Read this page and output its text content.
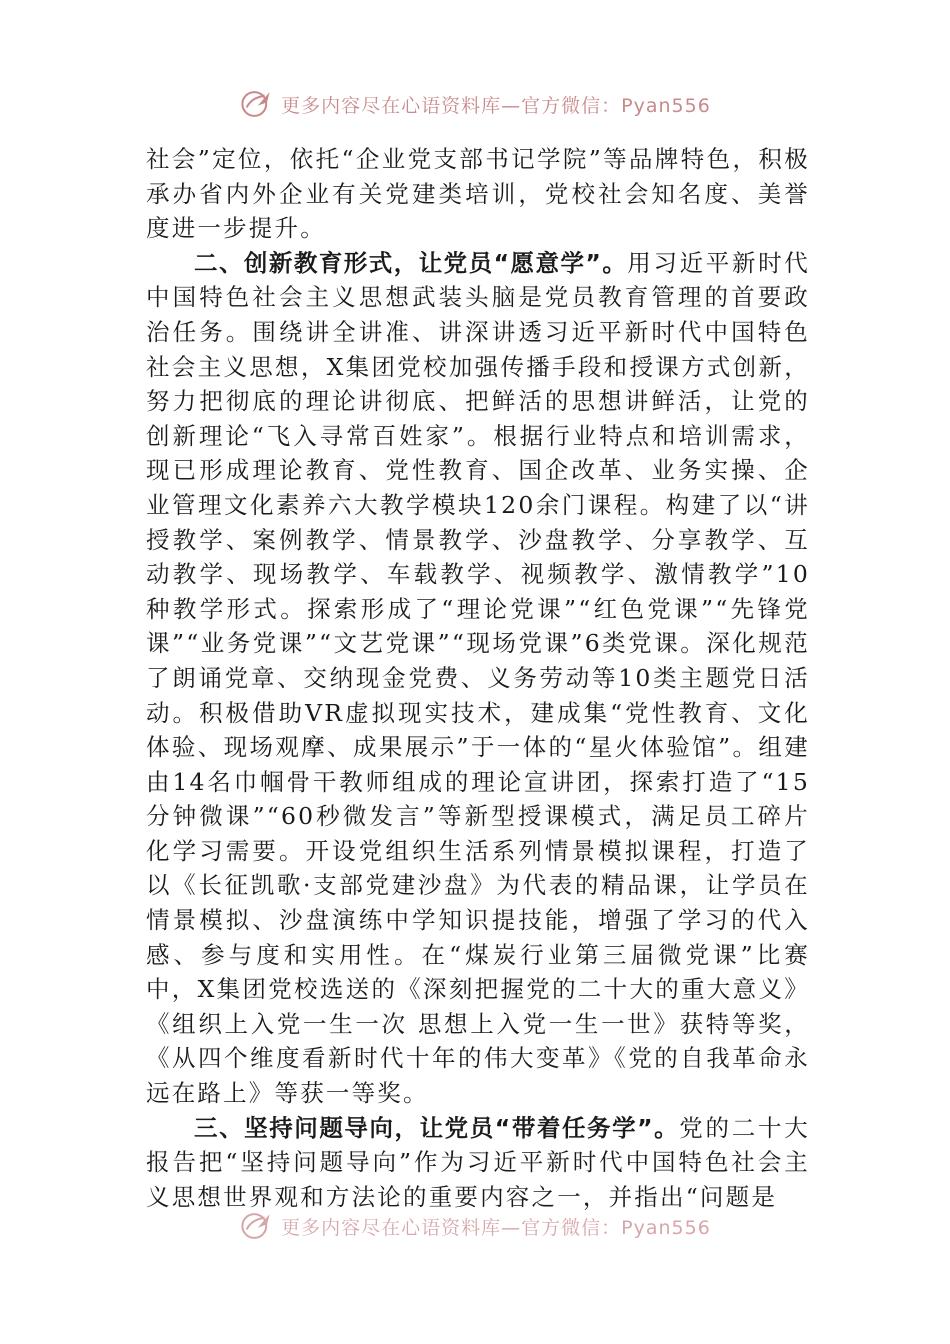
更多内容尽在心语资料库—官方微信：Pyan556

社会”定位，依托“企业党支部书记学院”等品牌特色，积极承办省内外企业有关党建类培训，党校社会知名度、美誉度进一步提升。

二、创新教育形式，让党员“愿意学”。用习近平新时代中国特色社会主义思想武装头脑是党员教育管理的首要政治任务。围绕讲全讲准、讲深讲透习近平新时代中国特色社会主义思想，X集团党校加强传播手段和授课方式创新，努力把彻底的理论讲彻底、把鲜活的思想讲鲜活，让党的创新理论“飞入寻常百姓家”。根据行业特点和培训需求，现已形成理论教育、党性教育、国企改革、业务实操、企业管理文化素养六大教学模块120余门课程。构建了以“讲授教学、案例教学、情景教学、沙盘教学、分享教学、互动教学、现场教学、车载教学、视频教学、激情教学”10种教学形式。探索形成了“理论党课”“红色党课”“先锋党课”“业务党课”“文艺党课”“现场党课”6类党课。深化规范了朗诵党章、交纳现金党费、义务劳动等10类主题党日活动。积极借助VR虚拟现实技术，建成集“党性教育、文化体验、现场观摩、成果展示”于一体的“星火体验馆”。组建由14名巾帼骨干教师组成的理论宣讲团，探索打造了“15分钟微课”“60秒微发言”等新型授课模式，满足员工碎片化学习需要。开设党组织生活系列情景模拟课程，打造了以《长征凯歌·支部党建沙盘》为代表的精品课，让学员在情景模拟、沙盘演练中学知识提技能，增强了学习的代入感、参与度和实用性。在“煤炭行业第三届微党课”比赛中，X集团党校选送的《深刻把握党的二十大的重大意义》《组织上入党一生一次 思想上入党一生一世》获特等奖，《从四个维度看新时代十年的伟大变革》《党的自我革命永远在路上》等获一等奖。

三、坚持问题导向，让党员“带着任务学”。党的二十大报告把“坚持问题导向”作为习近平新时代中国特色社会主义思想世界观和方法论的重要内容之一，并指出“问题是

更多内容尽在心语资料库—官方微信：Pyan556
